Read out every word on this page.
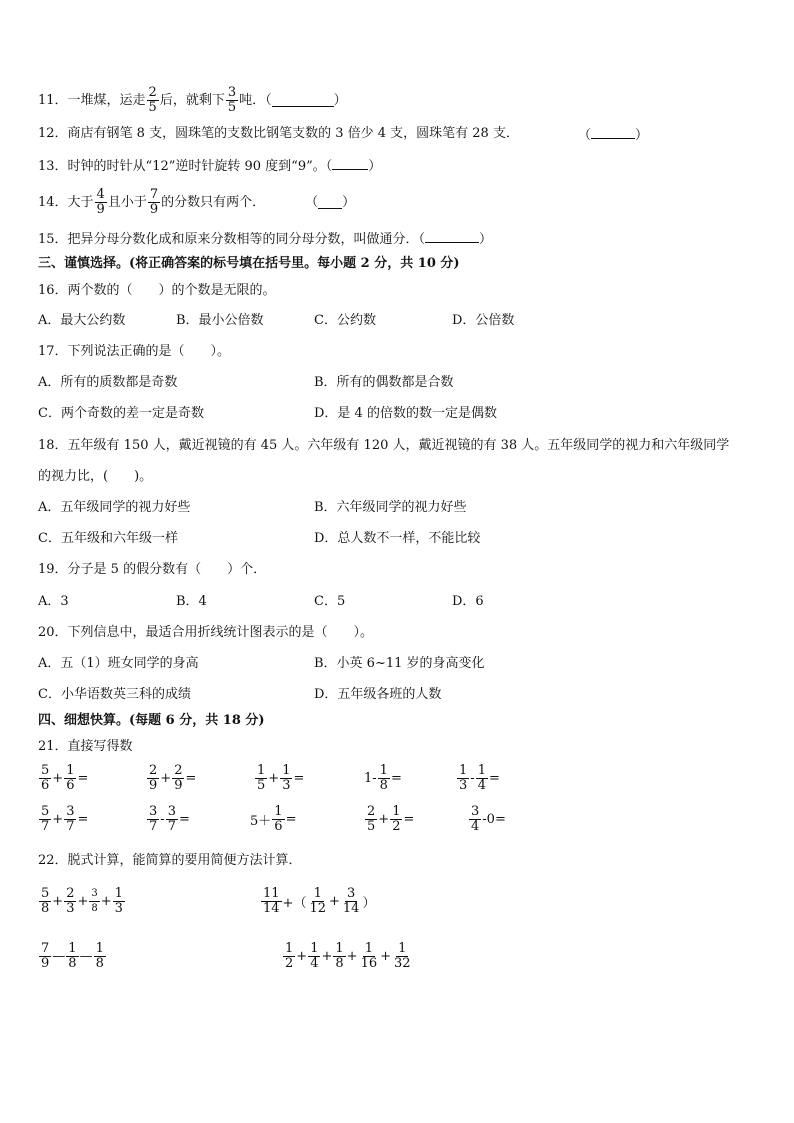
11．一堆煤，运走 $\frac{2}{5}$ 后，就剩下 $\frac{3}{5}$ 吨．（	）
12．商店有钢笔 8 支，圆珠笔的支数比钢笔支数的 3 倍少 4 支，圆珠笔有 28 支．	（	）
13．时钟的时针从“12”逆时针旋转 90 度到“9”。（	）
14．大于 $\frac{4}{9}$ 且小于 $\frac{7}{9}$ 的分数只有两个．	（ ）
15．把异分母分数化成和原来分数相等的同分母分数，叫做通分．（	）
三、谨慎选择。(将正确答案的标号填在括号里。每小题 2 分，共 10 分)
16．两个数的（　　）的个数是无限的。
A．最大公约数	B．最小公倍数	C．公约数	D．公倍数
17．下列说法正确的是（　　）。
A．所有的质数都是奇数	B．所有的偶数都是合数
C．两个奇数的差一定是奇数	D．是 4 的倍数的数一定是偶数
18．五年级有 150 人，戴近视镜的有 45 人。六年级有 120 人，戴近视镜的有 38 人。五年级同学的视力和六年级同学
的视力比，(　　)。
A．五年级同学的视力好些	B．六年级同学的视力好些
C．五年级和六年级一样	D．总人数不一样，不能比较
19．分子是 5 的假分数有（　　）个．
A．3	B．4	C．5	D．6
20．下列信息中，最适合用折线统计图表示的是（　　）。
A．五（1）班女同学的身高	B．小英 6~11 岁的身高变化
C．小华语数英三科的成绩	D．五年级各班的人数
四、细想快算。(每题 6 分，共 18 分)
21．直接写得数
$\frac{5}{6} + \frac{1}{6}$ =	$\frac{2}{9} + \frac{2}{9}$ =	$\frac{1}{5} + \frac{1}{3}$ =	$1- \frac{1}{8}$ =	$\frac{1}{3} - \frac{1}{4}$ =
$\frac{5}{7} + \frac{3}{7}$ =	$\frac{3}{7} - \frac{3}{7}$ =	$5+ \frac{1}{6}$ =	$\frac{2}{5} + \frac{1}{2}$ =	$\frac{3}{4} -0=$
22．脱式计算，能简算的要用简便方法计算．
$\frac{5}{8} + \frac{2}{3} + \frac{3}{8} + \frac{1}{3}$	$\frac{11}{14}$ +（ $\frac{1}{12} + \frac{3}{14}$ ）
$\frac{7}{9}$ — $\frac{1}{8}$ — $\frac{1}{8}$	$\frac{1}{2} + \frac{1}{4} + \frac{1}{8} + \frac{1}{16} + \frac{1}{32}$
